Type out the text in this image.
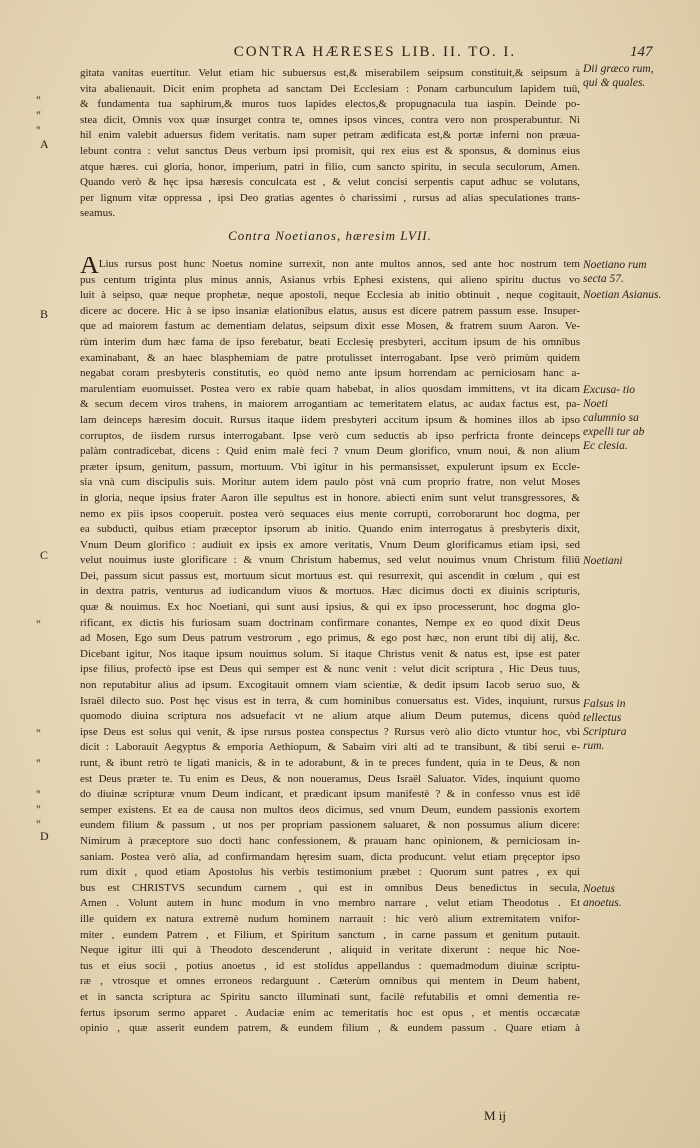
CONTRA HÆRESES LIB. II. TO. I.	147
gitata vanitas euertitur. Velut etiam hic subuersus est,& miserabilem seipsum constituit,& seipsum à
vita abalienauit. Dicit enim propheta ad sanctam Dei Ecclesiam : Ponam carbunculum lapidem tuū,
& fundamenta tua saphirum,& muros tuos lapides electos,& propugnacula tua iaspin. Deinde po-
stea dicit, Omnis vox quæ insurget contra te, omnes ipsos vinces, contra vero non prosperabuntur. Ni
hil enim valebit aduersus fidem veritatis. nam super petram ædificata est,& portæ inferni non præua-
lebunt contra : velut sanctus Deus verbum ipsi promisit, qui rex eius est & sponsus, & dominus eius
atque hæres. cui gloria, honor, imperium, patri in filio, cum sancto spiritu, in secula seculorum, Amen.
Quando verò & hęc ipsa hæresis conculcata est , & velut concisi serpentis caput adhuc se volutans,
per lignum vitæ oppressa , ipsi Deo gratias agentes ò charissimi , rursus ad alias speculationes trans-
seamus.
Contra Noetianos, hæresim LVII.
ALius rursus post hunc Noetus nomine surrexit, non ante multos annos, sed ante hoc nostrum tem
pus centum triginta plus minus annis, Asianus vrbis Ephesi existens, qui alieno spiritu ductus vo
luit à seipso, quæ neque prophetæ, neque apostoli, neque Ecclesia ab initio obtinuit , neque cogitauit,
dicere ac docere. Hic à se ipso insaniæ elationibus elatus, ausus est dicere patrem passum esse. Insuper-
que ad maiorem fastum ac dementiam delatus, seipsum dixit esse Mosen, & fratrem suum Aaron. Ve-
rùm interim dum hæc fama de ipso ferebatur, beati Ecclesię presbyteri, accitum ipsum de his omnibus
examinabant, & an haec blasphemiam de patre protulisset interrogabant. Ipse verò primùm quidem
negabat coram presbyteris constitutis, eo quòd nemo ante ipsum horrendam ac perniciosam hanc a-
marulentiam euomuisset. Postea vero ex rabie quam habebat, in alios quosdam immittens, vt ita dicam
& secum decem viros trahens, in maiorem arrogantiam ac temeritatem elatus, ac audax factus est, pa-
lam deinceps hæresim docuit. Rursus itaque iidem presbyteri accitum ipsum & homines illos ab ipso
corruptos, de iisdem rursus interrogabant. Ipse verò cum seductis ab ipso perfricta fronte deinceps
palàm contradicebat, dicens : Quid enim malè feci ? vnum Deum glorifico, vnum noui, & non alium
præter ipsum, genitum, passum, mortuum. Vbi igitur in his permansisset, expulerunt ipsum ex Eccle-
sia vnà cum discipulis suis. Moritur autem idem paulo pòst vnà cum proprio fratre, non velut Moses
in gloria, neque ipsius frater Aaron ille sepultus est in honore. abiecti enim sunt velut transgressores, &
nemo ex piis ipsos cooperuit. postea verò sequaces eius mente corrupti, corroborarunt hoc dogma, per
ea subducti, quibus etiam præceptor ipsorum ab initio. Quando enim interrogatus à presbyteris dixit,
Vnum Deum glorifico : audiuit ex ipsis ex amore veritatis, Vnum Deum glorificamus etiam ipsi, sed
velut nouimus iuste glorificare : & vnum Christum habemus, sed velut nouimus vnum Christum filiū
Dei, passum sicut passus est, mortuum sicut mortuus est. qui resurrexit, qui ascendit in cœlum , qui est
in dextra patris, venturus ad iudicandum viuos & mortuos. Hæc dicimus docti ex diuinis scripturis,
quæ & nouimus. Ex hoc Noetiani, qui sunt ausi ipsius, & qui ex ipso processerunt, hoc dogma glo-
rificant, ex dictis his furiosam suam doctrinam confirmare conantes, Nempe ex eo quod dixit Deus
ad Mosen, Ego sum Deus patrum vestrorum , ego primus, & ego post hæc, non erunt tibi dij alij, &c.
Dicebant igitur, Nos itaque ipsum nouimus solum. Si itaque Christus venit & natus est, ipse est pater
ipse filius, profectò ipse est Deus qui semper est & nunc venit : velut dicit scriptura , Hic Deus tuus,
non reputabitur alius ad ipsum. Excogitauit omnem viam scientiæ, & dedit ipsum Iacob seruo suo, &
Israël dilecto suo. Post hęc visus est in terra, & cum hominibus conuersatus est. Vides, inquiunt, rursus
quomodo diuina scriptura nos adsuefacit vt ne alium atque alium Deum putemus, dicens quòd
ipse Deus est solus qui venit, & ipse rursus postea conspectus ? Rursus verò alio dicto vtuntur hoc, vbi
dicit : Laborauit Aegyptus & emporia Aethiopum, & Sabaim viri alti ad te transibunt, & tibi serui e-
runt, & ibunt retrò te ligati manicis, & in te adorabunt, & in te preces fundent, quia in te Deus, & non
est Deus præter te. Tu enim es Deus, & non noueramus, Deus Israël Saluator. Vides, inquiunt quomo
do diuinæ scripturæ vnum Deum indicant, et prædicant ipsum manifestè ? & in confesso vnus est idē
semper existens. Et ea de causa non multos deos dicimus, sed vnum Deum, eundem passionis exortem
eundem filium & passum , ut nos per propriam passionem saluaret, & non possumus alium dicere:
Nimirum à præceptore suo docti hanc confessionem, & prauam hanc opinionem, & perniciosam in-
saniam. Postea verò alia, ad confirmandam hęresim suam, dicta producunt. velut etiam pręceptor ipso
rum dixit , quod etiam Apostolus his verbis testimonium præbet : Quorum sunt patres , ex qui
bus est CHRISTVS secundum carnem , qui est in omnibus Deus benedictus in secula,
Amen . Volunt autem in hunc modum in vno membro narrare , velut etiam Theodotus . Et
ille quidem ex natura extremè nudum hominem narrauit : hic verò alium extremitatem vnifor-
miter , eundem Patrem , et Filium, et Spiritum sanctum , in carne passum et genitum putauit.
Neque igitur illi qui à Theodoto descenderunt , aliquid in veritate dixerunt : neque hic Noe-
tus et eius socii , potius anoetus , id est stolidus appellandus : quemadmodum diuinæ scriptu-
ræ , vtrosque et omnes erroneos redarguunt . Cæterùm omnibus qui mentem in Deum habent,
et in sancta scriptura ac Spiritu sancto illuminati sunt, facilè refutabilis et omni dementia re-
fertus ipsorum sermo apparet . Audaciæ enim ac temeritatis hoc est opus , et mentis occæcatæ
opinio , quæ asserit eundem patrem, & eundem filium , & eundem passum . Quare etiam à
M ij
Dii græco rum, qui & quales.
Noetiano rum secta 57.
Noetian Asianus.
Excusa- tio Noeti calumnio sa expelli tur ab Ec clesia.
Noetiani
Falsus in tellectus Scriptura rum.
Noetus anoetus.
A
B
C
D
‹‹
‹‹
‹‹
‹‹
‹‹
‹‹
‹‹
‹‹
‹‹
